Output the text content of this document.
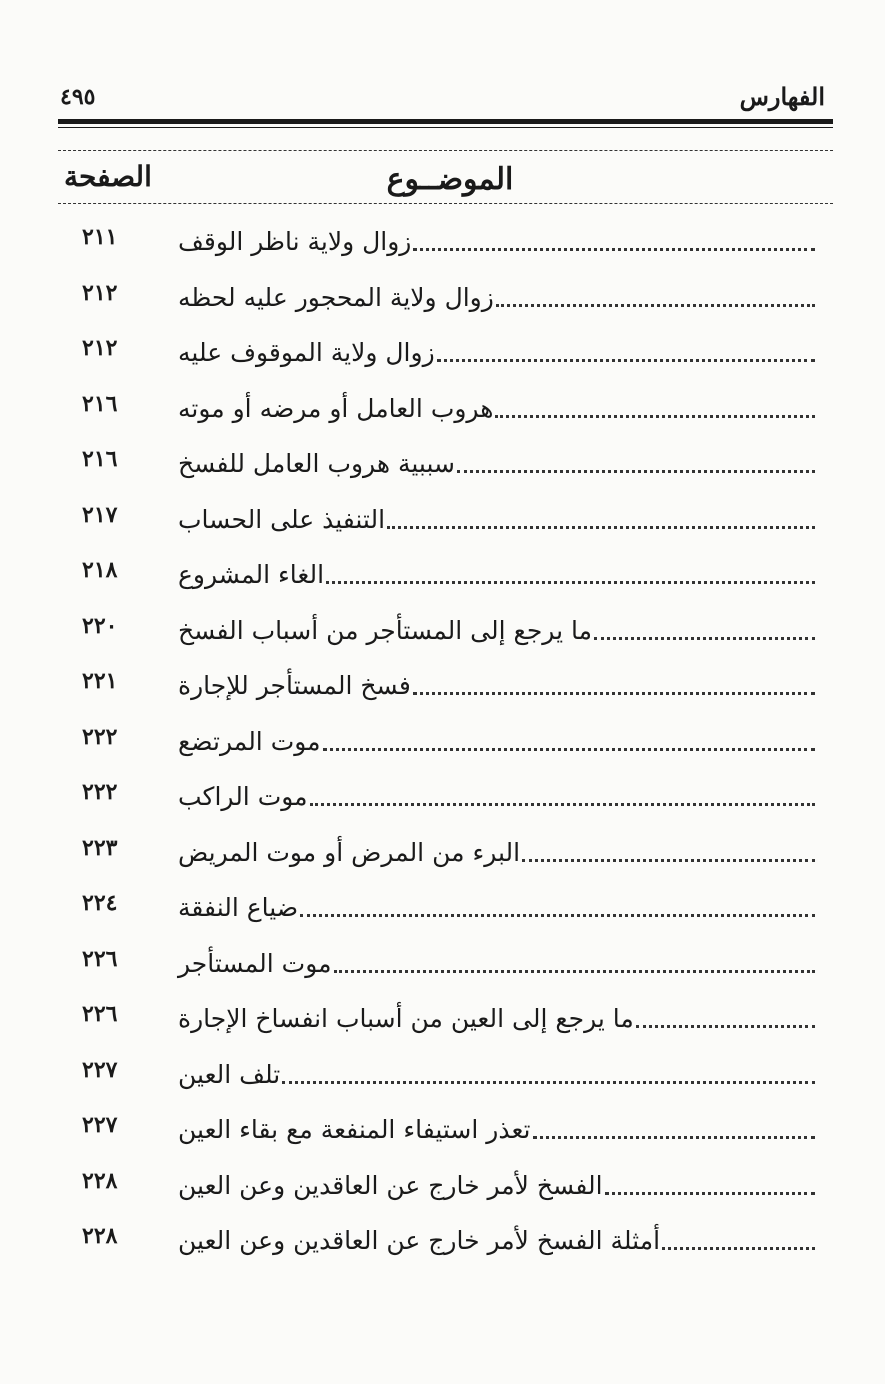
الفهارس
٤٩٥
الموضــوع
الصفحة
زوال ولاية ناظر الوقف
٢١١
زوال ولاية المحجور عليه لحظه
٢١٢
زوال ولاية الموقوف عليه
٢١٢
هروب العامل أو مرضه أو موته
٢١٦
سببية هروب العامل للفسخ
٢١٦
التنفيذ على الحساب
٢١٧
الغاء المشروع
٢١٨
ما يرجع إلى المستأجر من أسباب الفسخ
٢٢٠
فسخ المستأجر للإجارة
٢٢١
موت المرتضع
٢٢٢
موت الراكب
٢٢٢
البرء من المرض أو موت المريض
٢٢٣
ضياع النفقة
٢٢٤
موت المستأجر
٢٢٦
ما يرجع إلى العين من أسباب انفساخ الإجارة
٢٢٦
تلف العين
٢٢٧
تعذر استيفاء المنفعة مع بقاء العين
٢٢٧
الفسخ لأمر خارج عن العاقدين وعن العين
٢٢٨
أمثلة الفسخ لأمر خارج عن العاقدين وعن العين
٢٢٨
